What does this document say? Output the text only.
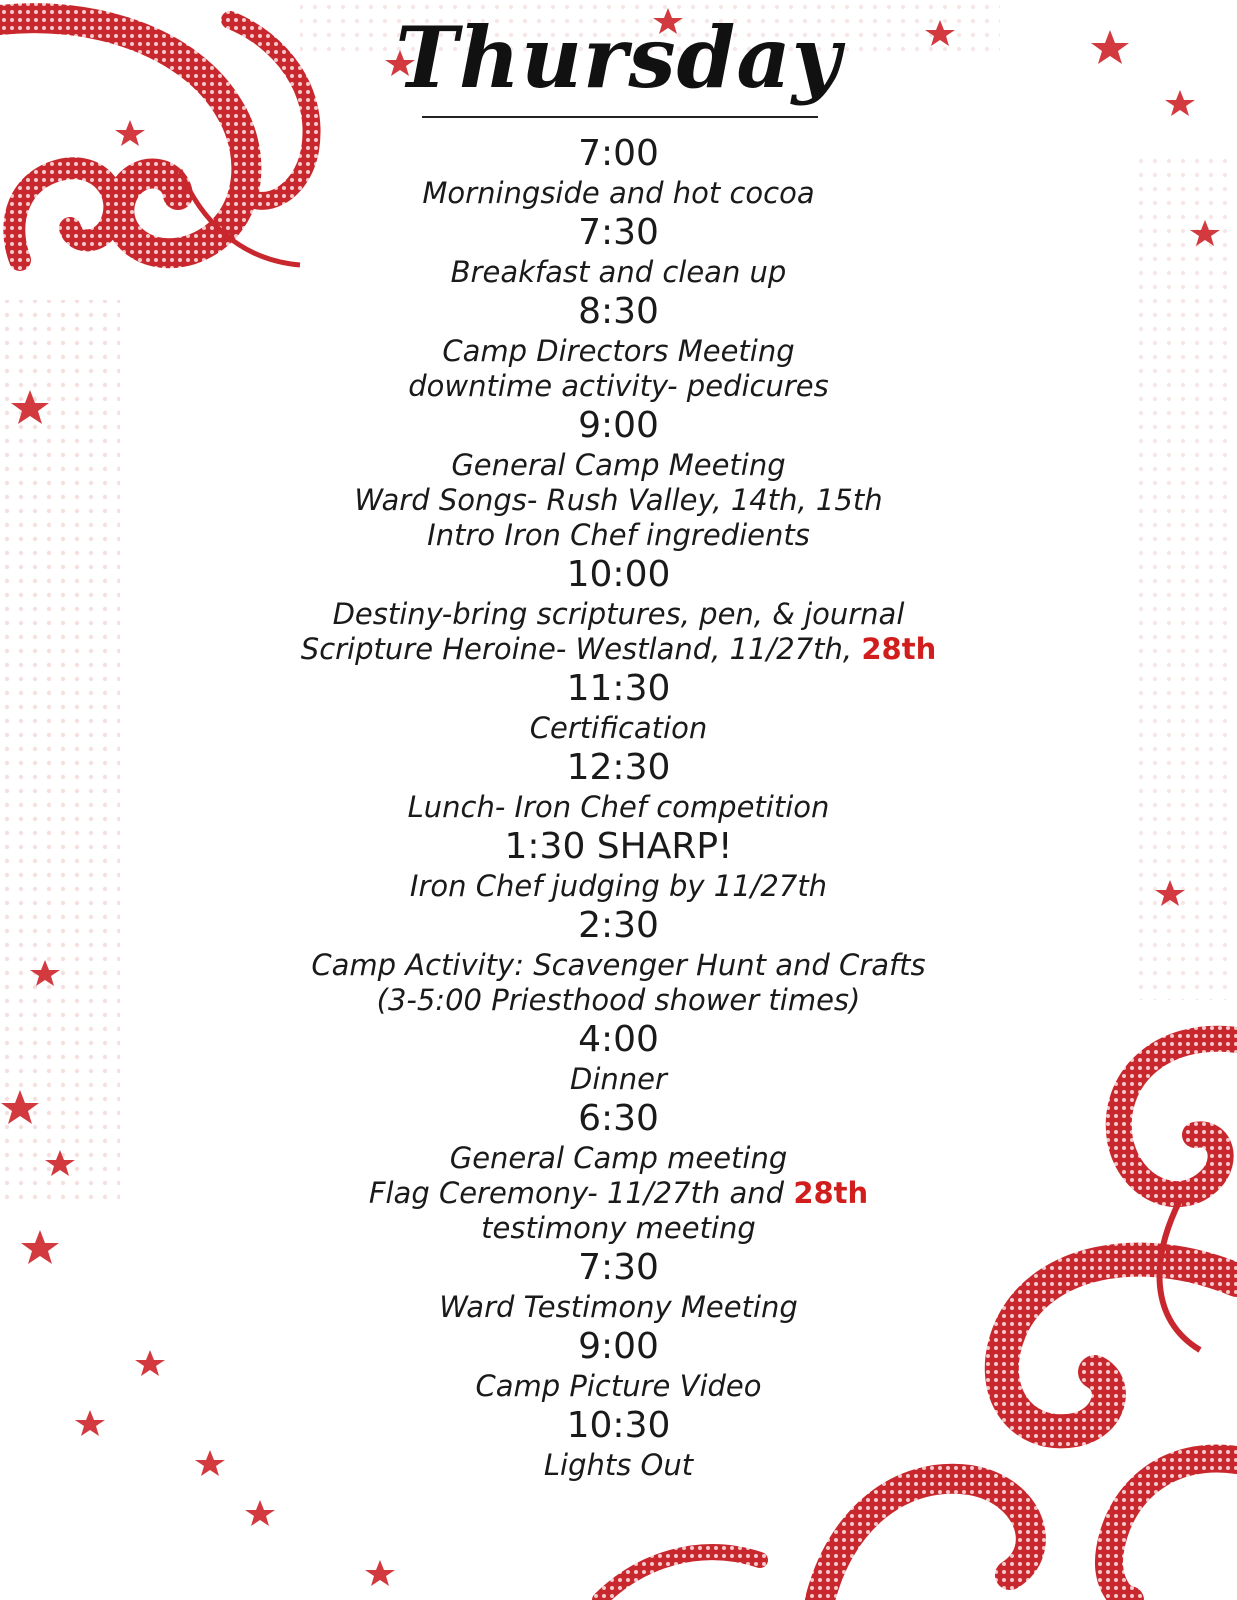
Thursday
7:00
Morningside and hot cocoa
7:30
Breakfast and clean up
8:30
Camp Directors Meeting
downtime activity- pedicures
9:00
General Camp Meeting
Ward Songs- Rush Valley, 14th, 15th
Intro Iron Chef ingredients
10:00
Destiny-bring scriptures, pen, & journal
Scripture Heroine- Westland, 11/27th, 28th
11:30
Certification
12:30
Lunch- Iron Chef competition
1:30 SHARP!
Iron Chef judging by 11/27th
2:30
Camp Activity: Scavenger Hunt and Crafts
(3-5:00 Priesthood shower times)
4:00
Dinner
6:30
General Camp meeting
Flag Ceremony- 11/27th and 28th
testimony meeting
7:30
Ward Testimony Meeting
9:00
Camp Picture Video
10:30
Lights Out
